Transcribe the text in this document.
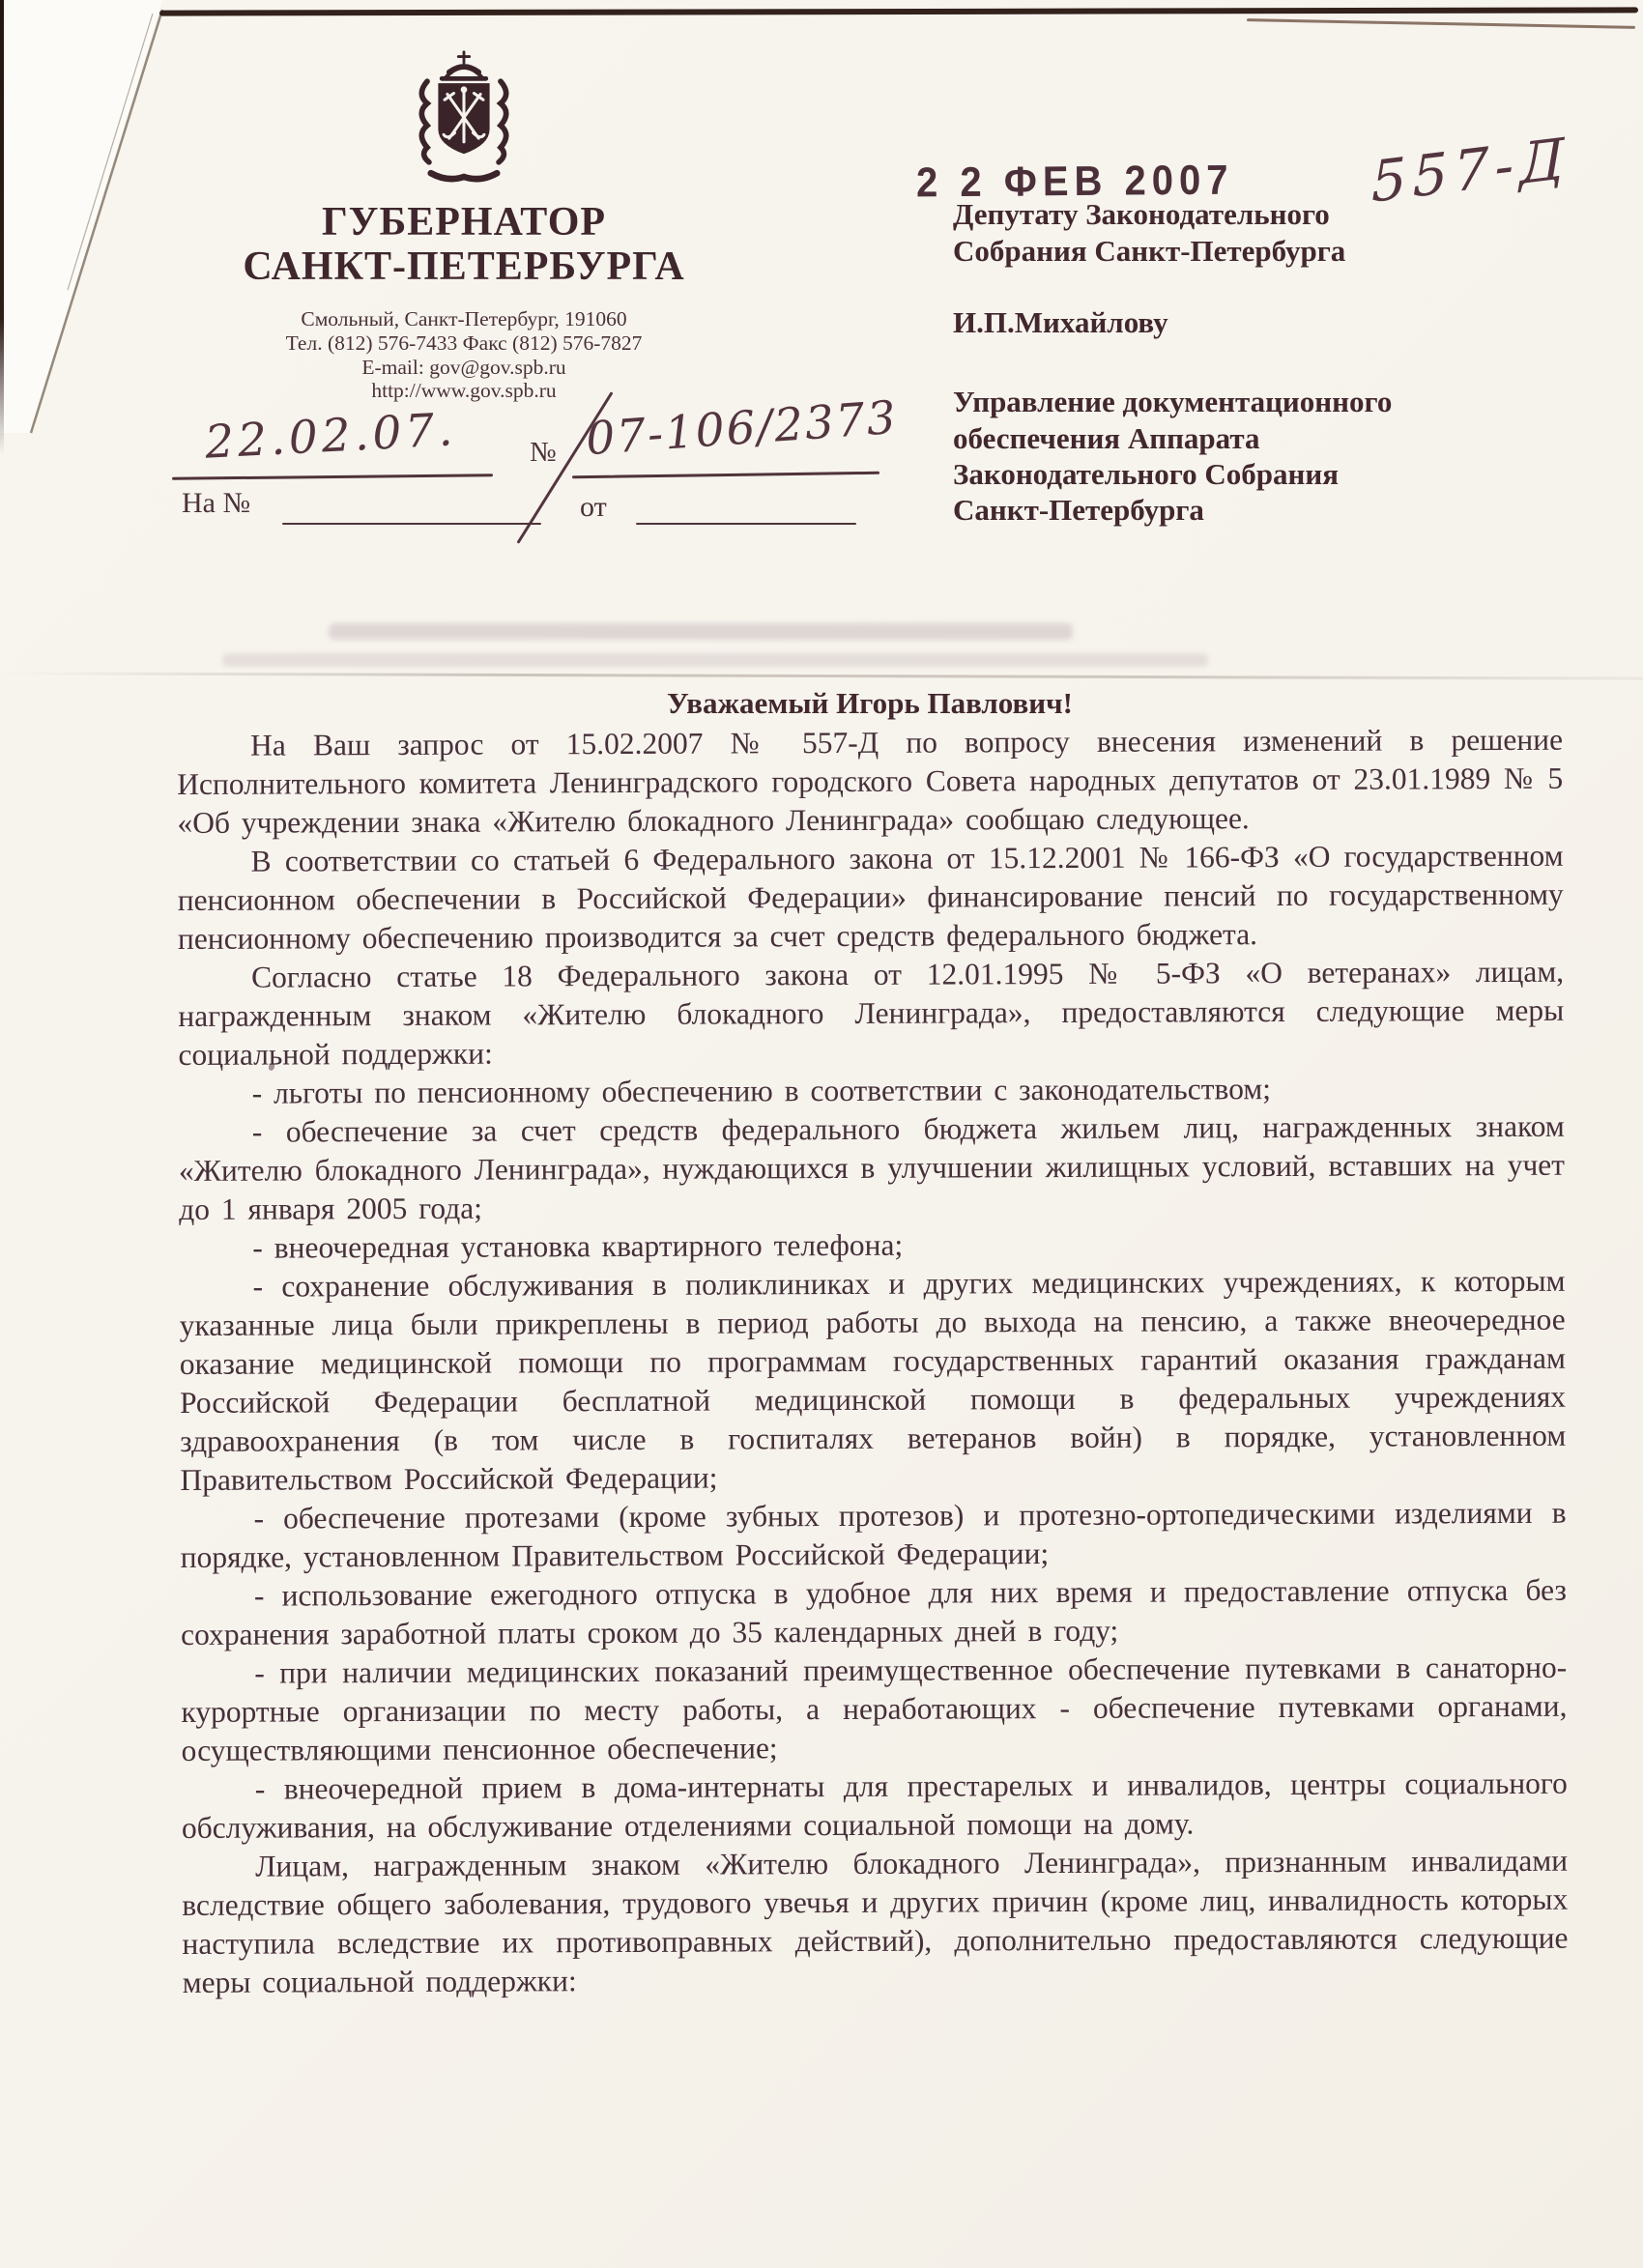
ГУБЕРНАТОР
САНКТ-ПЕТЕРБУРГА
Смольный, Санкт-Петербург, 191060
Тел. (812) 576-7433 Факс (812) 576-7827
E-mail: gov@gov.spb.ru
http://www.gov.spb.ru
22.02.07.	№ 07-106/2373
На №	от
2 2 ФЕВ 2007 557-Д
Депутату Законодательного
Собрания Санкт-Петербурга
И.П.Михайлову
Управление документационного
обеспечения Аппарата
Законодательного Собрания
Санкт-Петербурга
Уважаемый Игорь Павлович!

На Ваш запрос от 15.02.2007 № 557-Д по вопросу внесения изменений в решение Исполнительного комитета Ленинградского городского Совета народных депутатов от 23.01.1989 № 5 «Об учреждении знака «Жителю блокадного Ленинграда» сообщаю следующее.

В соответствии со статьей 6 Федерального закона от 15.12.2001 № 166-ФЗ «О государственном пенсионном обеспечении в Российской Федерации» финансирование пенсий по государственному пенсионному обеспечению производится за счет средств федерального бюджета.

Согласно статье 18 Федерального закона от 12.01.1995 № 5-ФЗ «О ветеранах» лицам, награжденным знаком «Жителю блокадного Ленинграда», предоставляются следующие меры социальной поддержки:

- льготы по пенсионному обеспечению в соответствии с законодательством;

- обеспечение за счет средств федерального бюджета жильем лиц, награжденных знаком «Жителю блокадного Ленинграда», нуждающихся в улучшении жилищных условий, вставших на учет до 1 января 2005 года;

- внеочередная установка квартирного телефона;

- сохранение обслуживания в поликлиниках и других медицинских учреждениях, к которым указанные лица были прикреплены в период работы до выхода на пенсию, а также внеочередное оказание медицинской помощи по программам государственных гарантий оказания гражданам Российской Федерации бесплатной медицинской помощи в федеральных учреждениях здравоохранения (в том числе в госпиталях ветеранов войн) в порядке, установленном Правительством Российской Федерации;

- обеспечение протезами (кроме зубных протезов) и протезно-ортопедическими изделиями в порядке, установленном Правительством Российской Федерации;

- использование ежегодного отпуска в удобное для них время и предоставление отпуска без сохранения заработной платы сроком до 35 календарных дней в году;

- при наличии медицинских показаний преимущественное обеспечение путевками в санаторно-курортные организации по месту работы, а неработающих - обеспечение путевками органами, осуществляющими пенсионное обеспечение;

- внеочередной прием в дома-интернаты для престарелых и инвалидов, центры социального обслуживания, на обслуживание отделениями социальной помощи на дому.

Лицам, награжденным знаком «Жителю блокадного Ленинграда», признанным инвалидами вследствие общего заболевания, трудового увечья и других причин (кроме лиц, инвалидность которых наступила вследствие их противоправных действий), дополнительно предоставляются следующие меры социальной поддержки:
